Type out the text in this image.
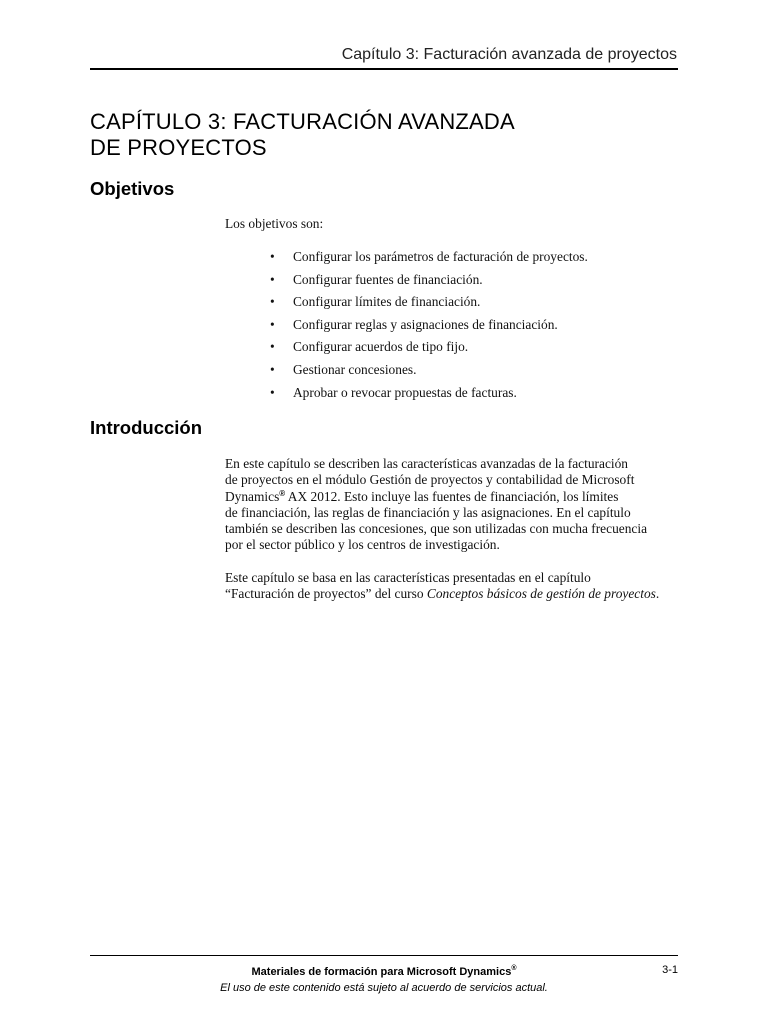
Capítulo 3: Facturación avanzada de proyectos
CAPÍTULO 3: FACTURACIÓN AVANZADA
DE PROYECTOS
Objetivos
Los objetivos son:
• Configurar los parámetros de facturación de proyectos.
• Configurar fuentes de financiación.
• Configurar límites de financiación.
• Configurar reglas y asignaciones de financiación.
• Configurar acuerdos de tipo fijo.
• Gestionar concesiones.
• Aprobar o revocar propuestas de facturas.
Introducción

En este capítulo se describen las características avanzadas de la facturación
de proyectos en el módulo Gestión de proyectos y contabilidad de Microsoft
Dynamics® AX 2012. Esto incluye las fuentes de financiación, los límites
de financiación, las reglas de financiación y las asignaciones. En el capítulo
también se describen las concesiones, que son utilizadas con mucha frecuencia
por el sector público y los centros de investigación.

Este capítulo se basa en las características presentadas en el capítulo
“Facturación de proyectos” del curso Conceptos básicos de gestión de proyectos.

Materiales de formación para Microsoft Dynamics®
El uso de este contenido está sujeto al acuerdo de servicios actual.
3-1
